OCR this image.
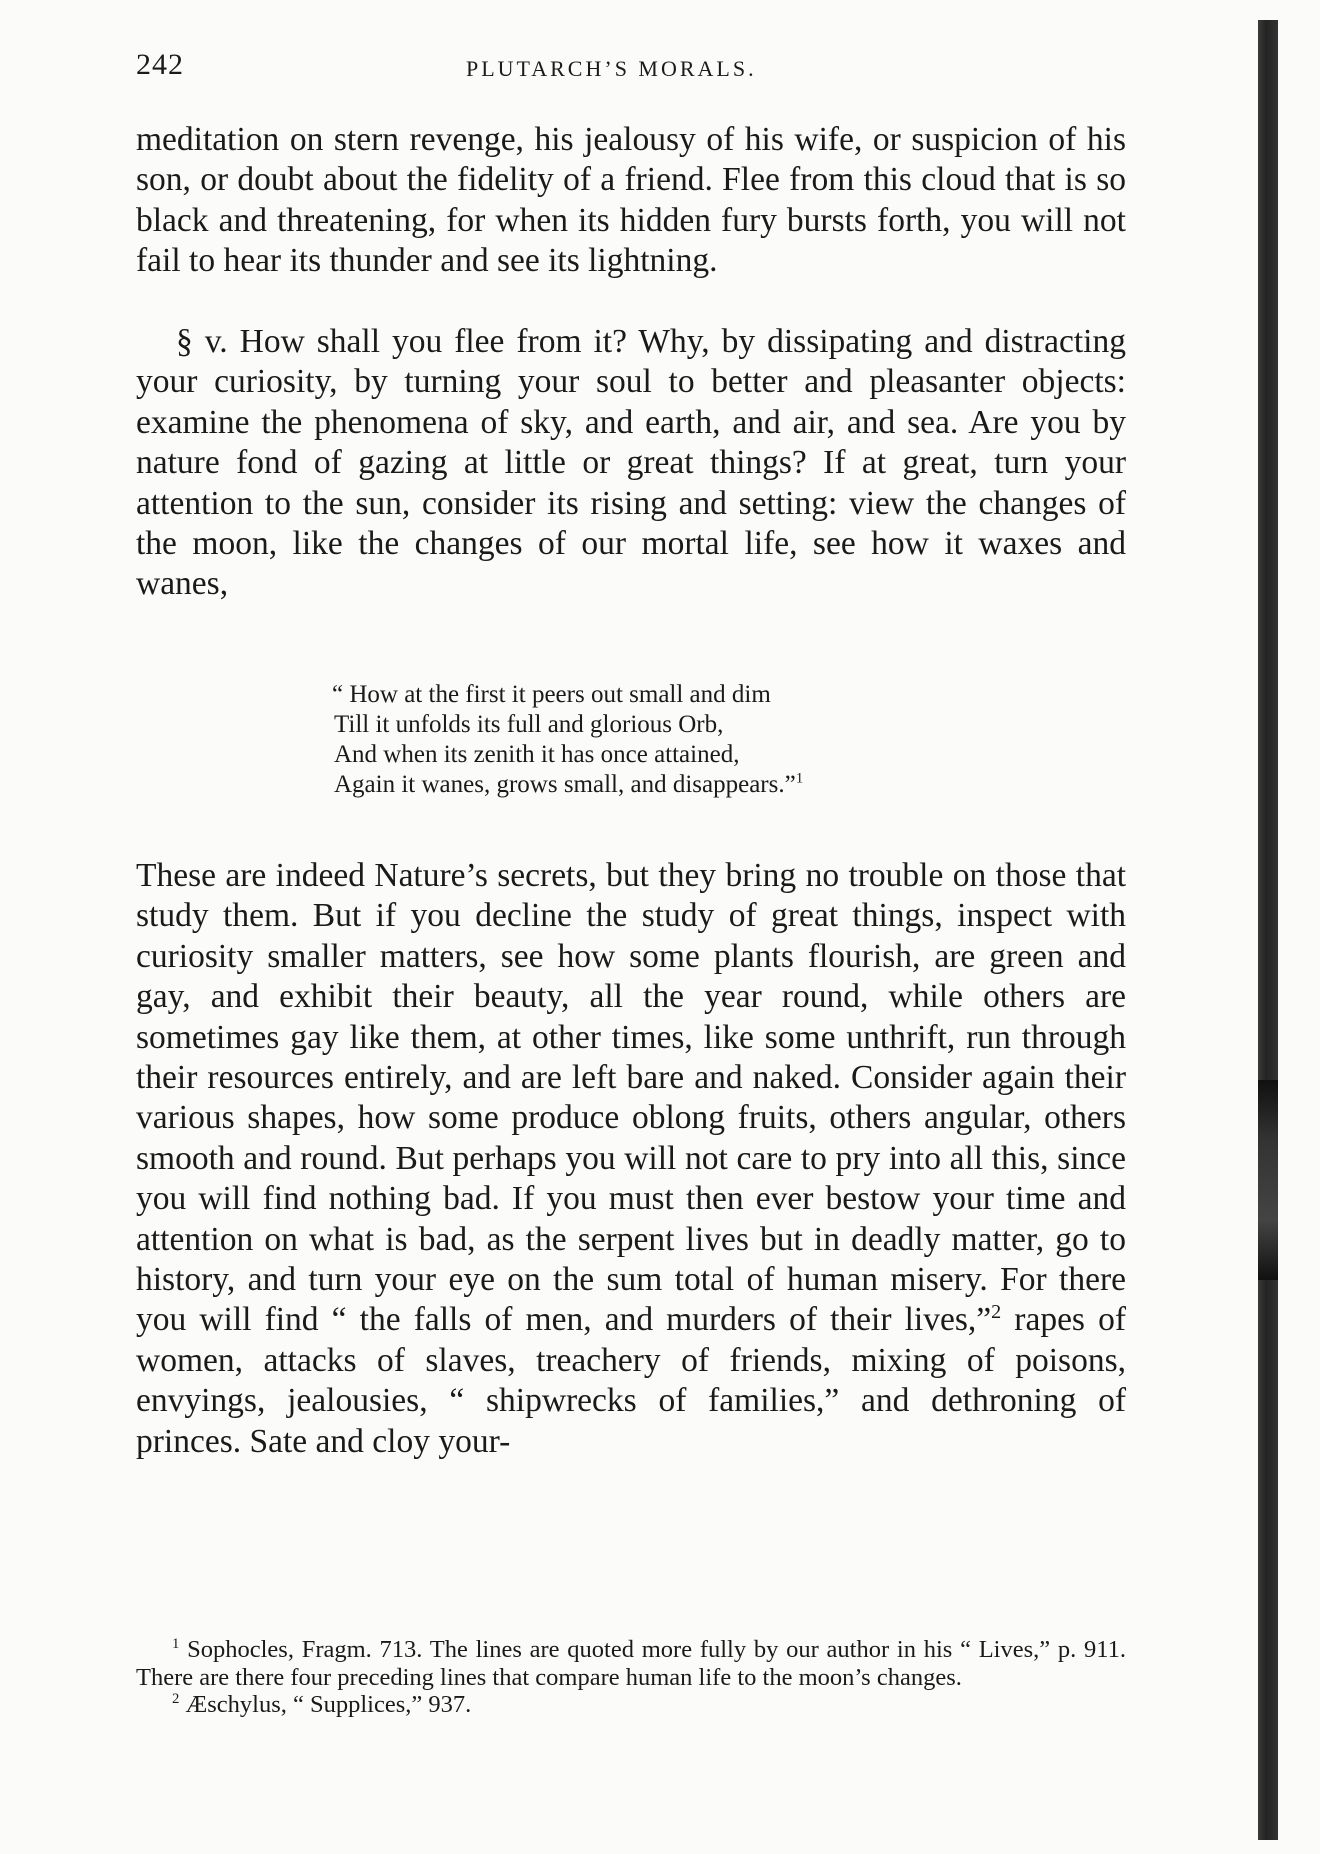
242	PLUTARCH’S MORALS.

meditation on stern revenge, his jealousy of his wife, or suspicion of his son, or doubt about the fidelity of a friend. Flee from this cloud that is so black and threatening, for when its hidden fury bursts forth, you will not fail to hear its thunder and see its lightning.

§ v. How shall you flee from it? Why, by dissipating and distracting your curiosity, by turning your soul to better and pleasanter objects: examine the phenomena of sky, and earth, and air, and sea. Are you by nature fond of gazing at little or great things? If at great, turn your attention to the sun, consider its rising and setting: view the changes of the moon, like the changes of our mortal life, see how it waxes and wanes,

“ How at the first it peers out small and dim
Till it unfolds its full and glorious Orb,
And when its zenith it has once attained,
Again it wanes, grows small, and disappears.”$^1$

These are indeed Nature’s secrets, but they bring no trouble on those that study them. But if you decline the study of great things, inspect with curiosity smaller matters, see how some plants flourish, are green and gay, and exhibit their beauty, all the year round, while others are sometimes gay like them, at other times, like some unthrift, run through their resources entirely, and are left bare and naked. Consider again their various shapes, how some produce oblong fruits, others angular, others smooth and round. But perhaps you will not care to pry into all this, since you will find nothing bad. If you must then ever bestow your time and attention on what is bad, as the serpent lives but in deadly matter, go to history, and turn your eye on the sum total of human misery. For there you will find “ the falls of men, and murders of their lives,”$^2$ rapes of women, attacks of slaves, treachery of friends, mixing of poisons, envyings, jealousies, “ shipwrecks of families,” and dethroning of princes. Sate and cloy your-

$^1$ Sophocles, Fragm. 713. The lines are quoted more fully by our author in his “ Lives,” p. 911. There are there four preceding lines that compare human life to the moon’s changes.

$^2$ Æschylus, “ Supplices,” 937.
